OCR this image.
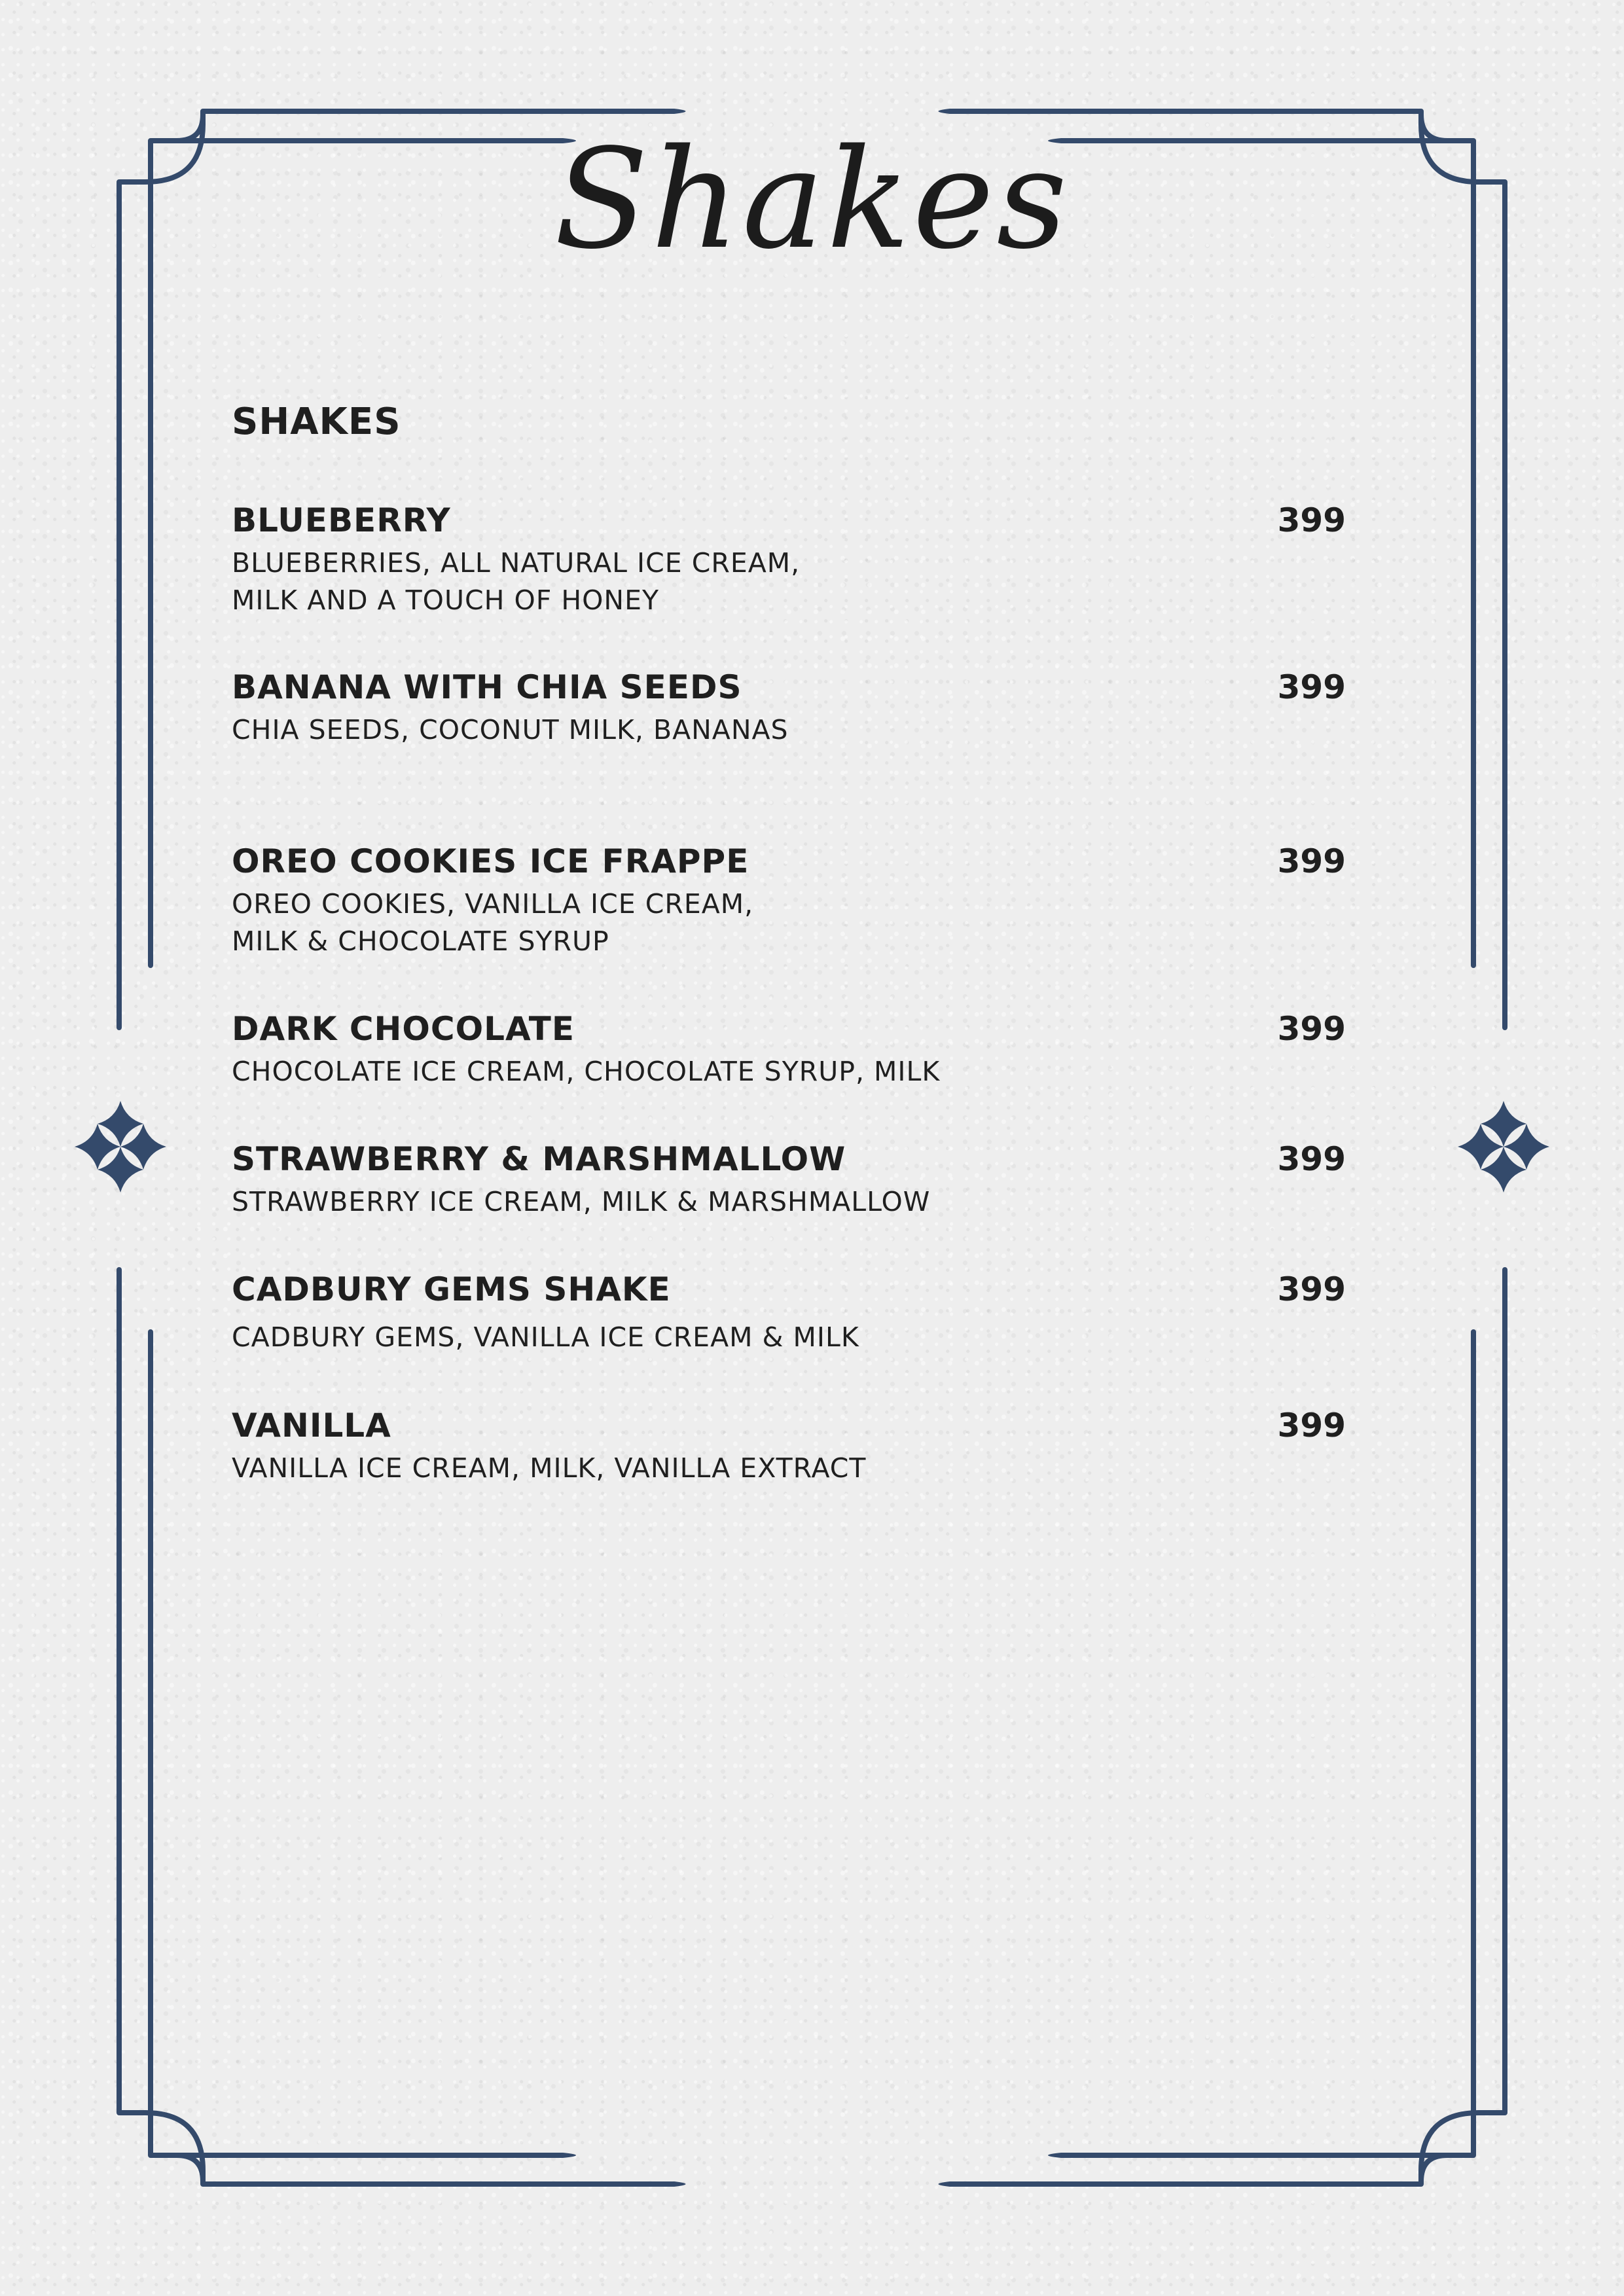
Shakes
SHAKES
BLUEBERRY	399
BLUEBERRIES, ALL NATURAL ICE CREAM,
MILK AND A TOUCH OF HONEY
BANANA WITH CHIA SEEDS	399
CHIA SEEDS, COCONUT MILK, BANANAS
OREO COOKIES ICE FRAPPE	399
OREO COOKIES, VANILLA ICE CREAM,
MILK & CHOCOLATE SYRUP
DARK CHOCOLATE	399
CHOCOLATE ICE CREAM, CHOCOLATE SYRUP, MILK
STRAWBERRY & MARSHMALLOW	399
STRAWBERRY ICE CREAM, MILK & MARSHMALLOW
CADBURY GEMS SHAKE	399
CADBURY GEMS, VANILLA ICE CREAM & MILK
VANILLA	399
VANILLA ICE CREAM, MILK, VANILLA EXTRACT
